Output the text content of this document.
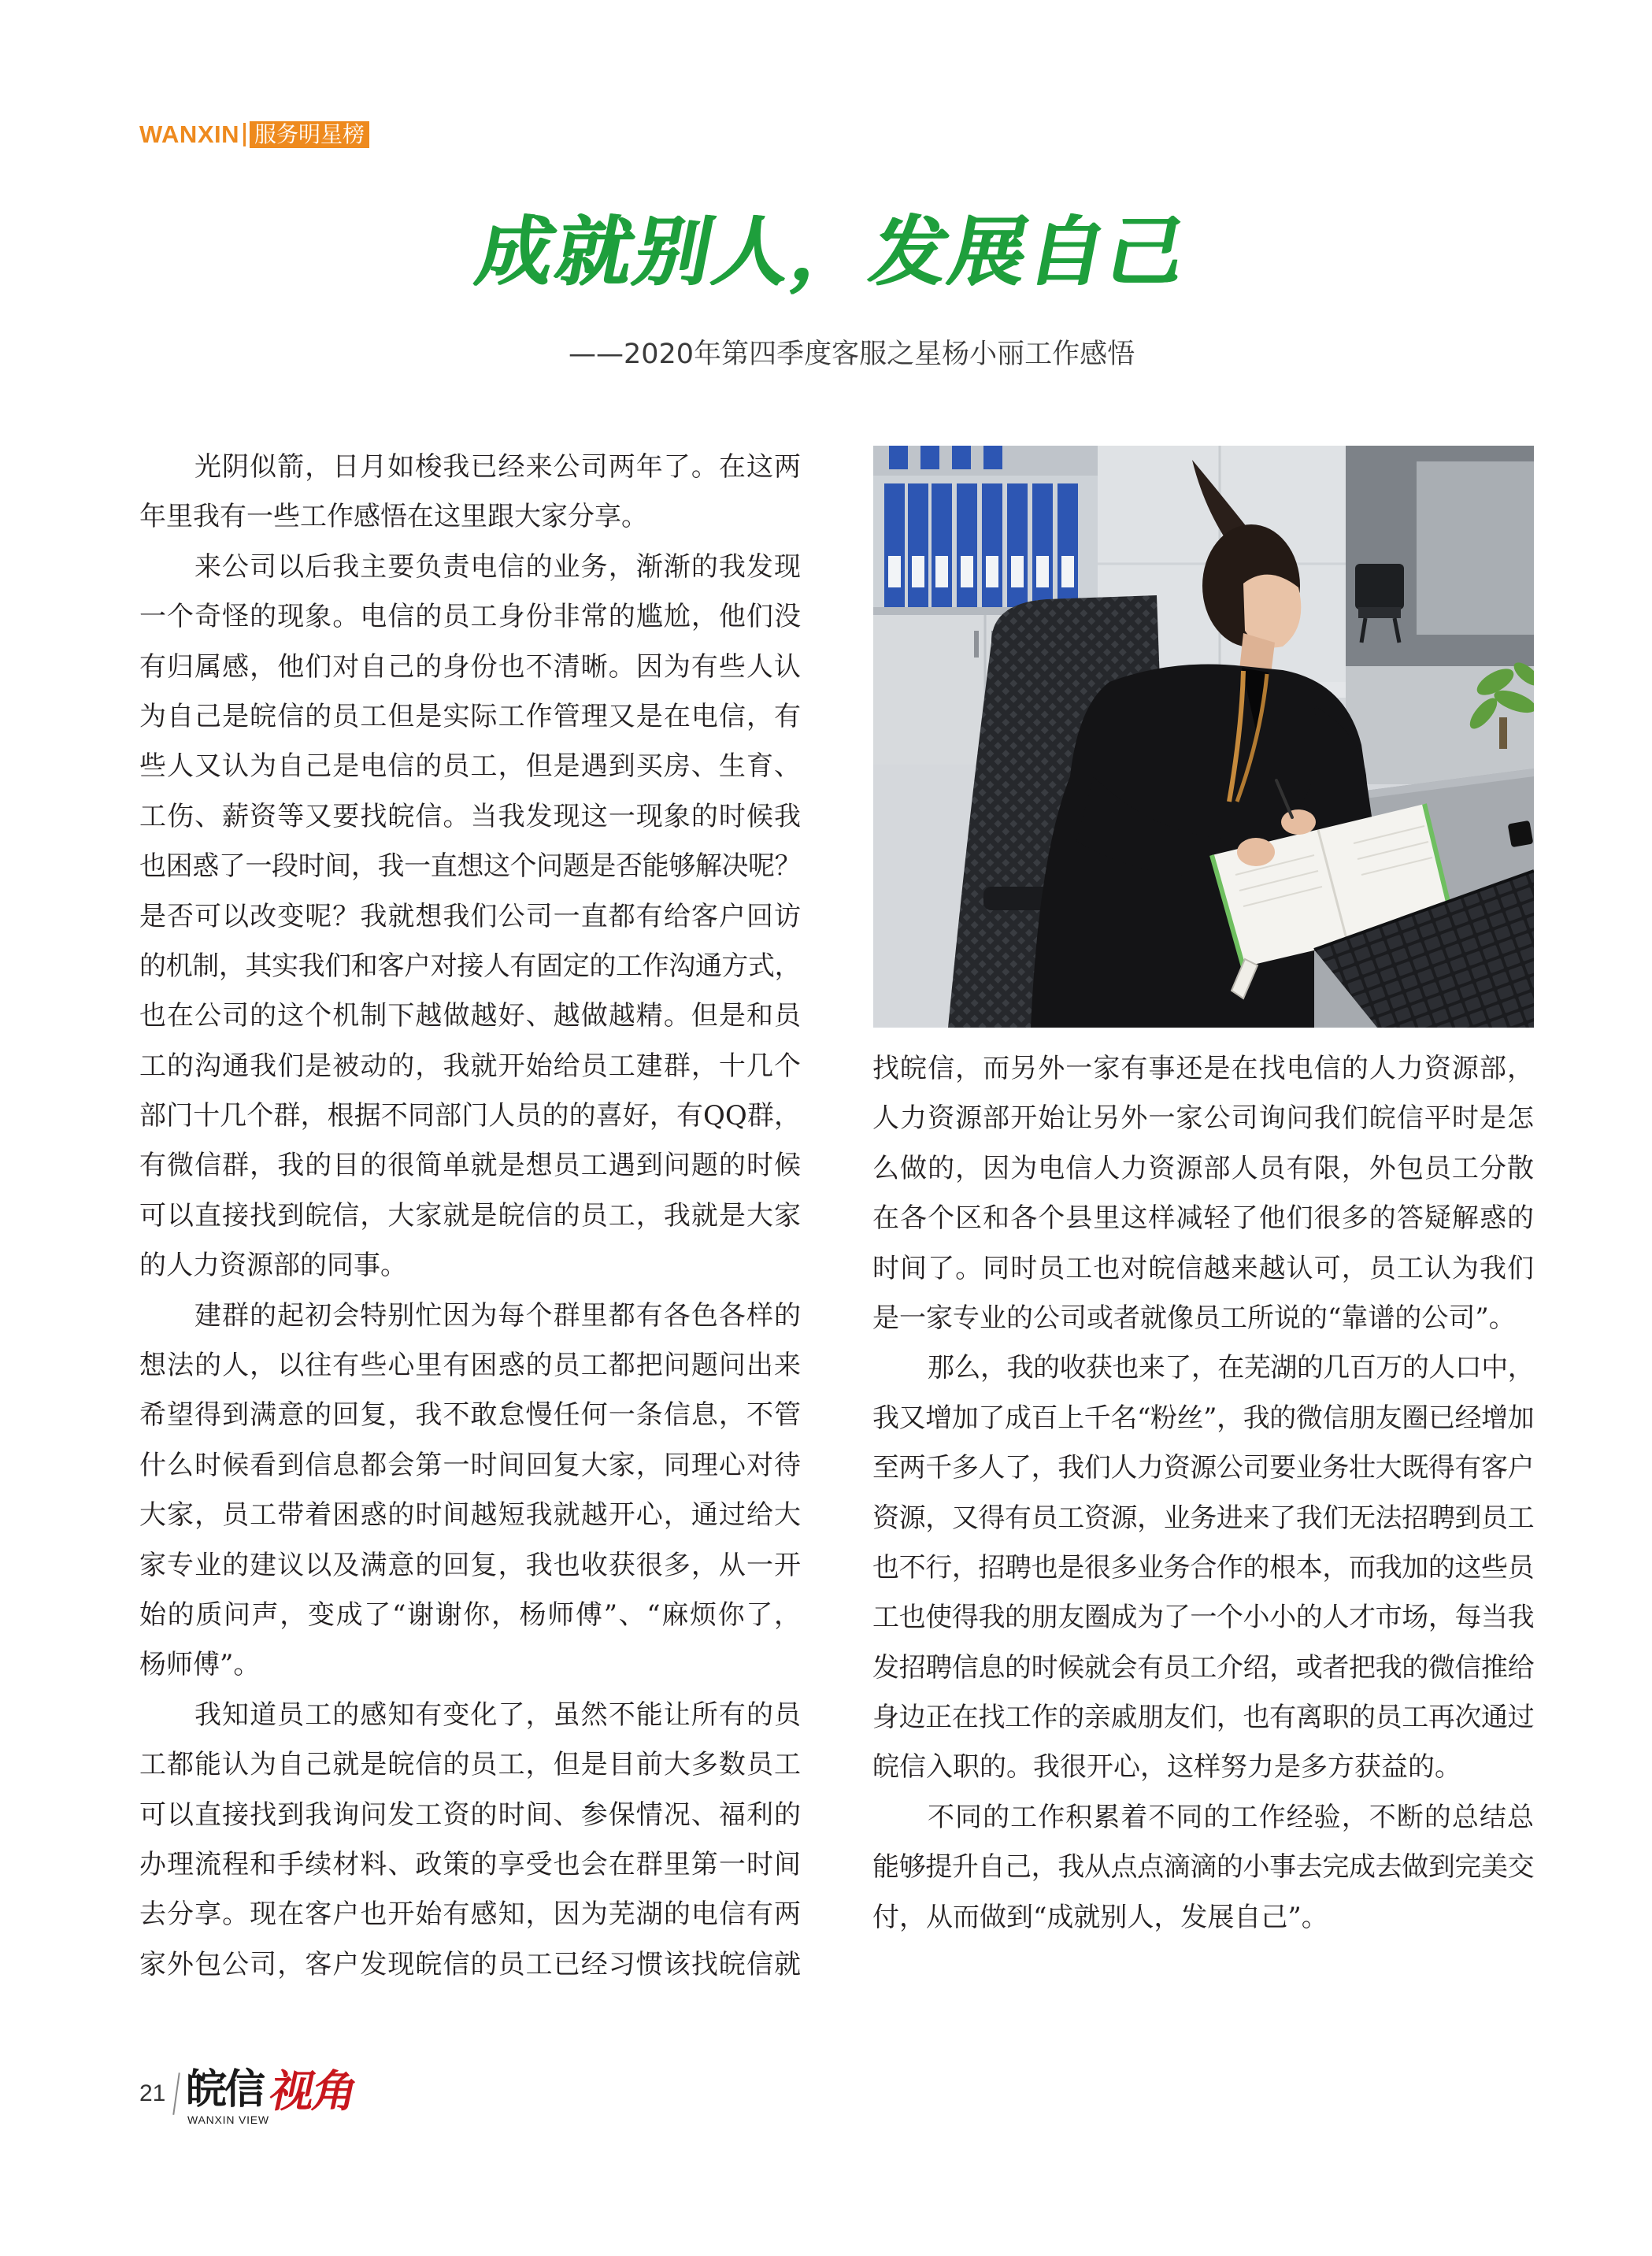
WANXIN 服务明星榜
成就别人，发展自己
——2020年第四季度客服之星杨小丽工作感悟
光阴似箭，日月如梭我已经来公司两年了。在这两
年里我有一些工作感悟在这里跟大家分享。
来公司以后我主要负责电信的业务，渐渐的我发现
一个奇怪的现象。电信的员工身份非常的尴尬，他们没
有归属感，他们对自己的身份也不清晰。因为有些人认
为自己是皖信的员工但是实际工作管理又是在电信，有
些人又认为自己是电信的员工，但是遇到买房、生育、
工伤、薪资等又要找皖信。当我发现这一现象的时候我
也困惑了一段时间，我一直想这个问题是否能够解决呢？
是否可以改变呢？我就想我们公司一直都有给客户回访
的机制，其实我们和客户对接人有固定的工作沟通方式，
也在公司的这个机制下越做越好、越做越精。但是和员
工的沟通我们是被动的，我就开始给员工建群，十几个
部门十几个群，根据不同部门人员的的喜好，有QQ群，
有微信群，我的目的很简单就是想员工遇到问题的时候
可以直接找到皖信，大家就是皖信的员工，我就是大家
的人力资源部的同事。
建群的起初会特别忙因为每个群里都有各色各样的
想法的人，以往有些心里有困惑的员工都把问题问出来
希望得到满意的回复，我不敢怠慢任何一条信息，不管
什么时候看到信息都会第一时间回复大家，同理心对待
大家，员工带着困惑的时间越短我就越开心，通过给大
家专业的建议以及满意的回复，我也收获很多，从一开
始的质问声，变成了“谢谢你，杨师傅”、“麻烦你了，
杨师傅”。
我知道员工的感知有变化了，虽然不能让所有的员
工都能认为自己就是皖信的员工，但是目前大多数员工
可以直接找到我询问发工资的时间、参保情况、福利的
办理流程和手续材料、政策的享受也会在群里第一时间
去分享。现在客户也开始有感知，因为芜湖的电信有两
家外包公司，客户发现皖信的员工已经习惯该找皖信就
找皖信，而另外一家有事还是在找电信的人力资源部，
人力资源部开始让另外一家公司询问我们皖信平时是怎
么做的，因为电信人力资源部人员有限，外包员工分散
在各个区和各个县里这样减轻了他们很多的答疑解惑的
时间了。同时员工也对皖信越来越认可，员工认为我们
是一家专业的公司或者就像员工所说的“靠谱的公司”。
那么，我的收获也来了，在芜湖的几百万的人口中，
我又增加了成百上千名“粉丝”，我的微信朋友圈已经增加
至两千多人了，我们人力资源公司要业务壮大既得有客户
资源，又得有员工资源，业务进来了我们无法招聘到员工
也不行，招聘也是很多业务合作的根本，而我加的这些员
工也使得我的朋友圈成为了一个小小的人才市场，每当我
发招聘信息的时候就会有员工介绍，或者把我的微信推给
身边正在找工作的亲戚朋友们，也有离职的员工再次通过
皖信入职的。我很开心，这样努力是多方获益的。
不同的工作积累着不同的工作经验，不断的总结总
能够提升自己，我从点点滴滴的小事去完成去做到完美交
付，从而做到“成就别人，发展自己”。
21 皖信
WANXIN VIEW
视角
